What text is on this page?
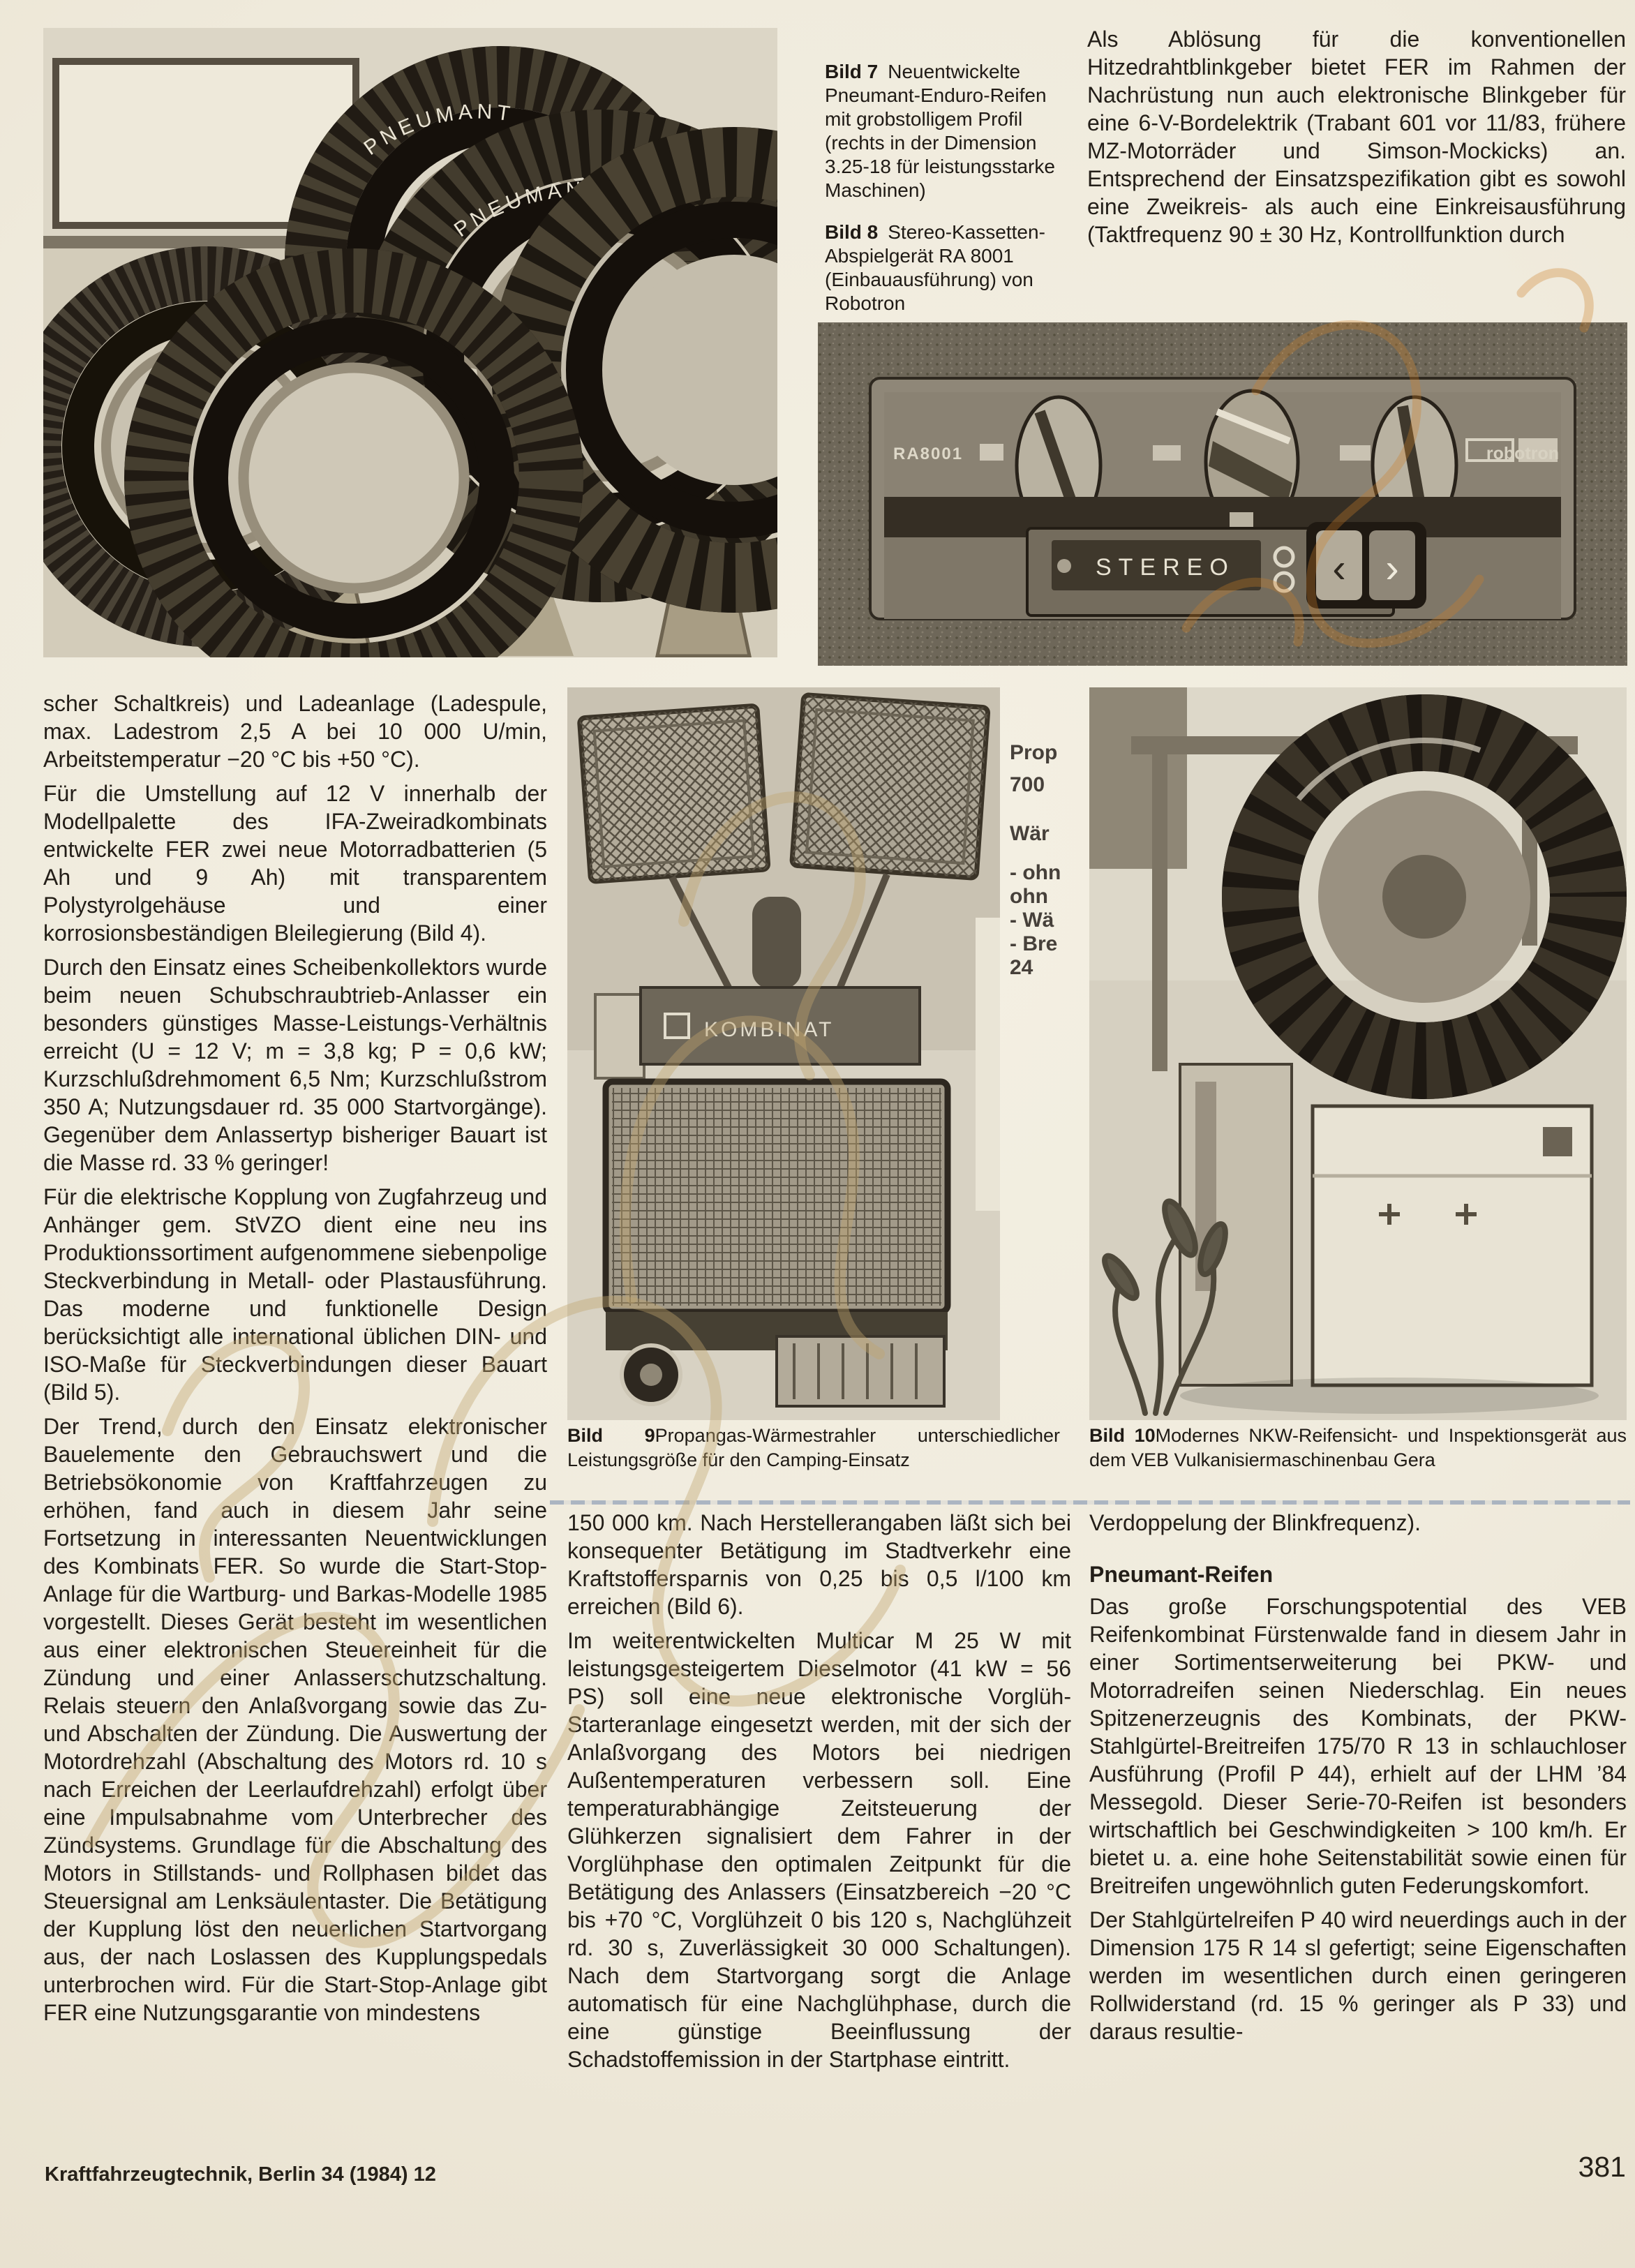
PNEUMANT
PNEUMANT
RA8001	robotron
STEREO ‹ ›
KOMBINAT
Prop
700
Wär
- ohn
ohn
- Wä
- Bre
24

Bild 7 Neuentwickelte Pneumant-Enduro-Reifen mit grobstolligem Profil (rechts in der Dimension 3.25-18 für leistungsstarke Maschinen)

Bild 8 Stereo-Kassetten-Abspielgerät RA 8001 (Einbauausführung) von Robotron

Bild 9Propangas-Wärmestrahler unterschiedlicher Leistungsgröße für den Camping-Einsatz
Bild 10Modernes NKW-Reifensicht- und Inspektionsgerät aus dem VEB Vulkanisiermaschinenbau Gera

Als Ablösung für die konventionellen Hitzedrahtblinkgeber bietet FER im Rahmen der Nachrüstung nun auch elektronische Blinkgeber für eine 6-V-Bordelektrik (Trabant 601 vor 11/83, frühere MZ-Motorräder und Simson-Mockicks) an. Entsprechend der Einsatzspezifikation gibt es sowohl eine Zweikreis- als auch eine Einkreisausführung (Taktfrequenz 90 ± 30 Hz, Kontrollfunktion durch

scher Schaltkreis) und Ladeanlage (Ladespule, max. Ladestrom 2,5 A bei 10 000 U/min, Arbeitstemperatur −20 °C bis +50 °C).

Für die Umstellung auf 12 V innerhalb der Modellpalette des IFA-Zweiradkombinats entwickelte FER zwei neue Motorradbatterien (5 Ah und 9 Ah) mit transparentem Polystyrolgehäuse und einer korrosionsbeständigen Bleilegierung (Bild 4).

Durch den Einsatz eines Scheibenkollektors wurde beim neuen Schubschraubtrieb-Anlasser ein besonders günstiges Masse-Leistungs-Verhältnis erreicht (U = 12 V; m = 3,8 kg; P = 0,6 kW; Kurzschlußdrehmoment 6,5 Nm; Kurzschlußstrom 350 A; Nutzungsdauer rd. 35 000 Startvorgänge). Gegenüber dem Anlassertyp bisheriger Bauart ist die Masse rd. 33 % geringer!

Für die elektrische Kopplung von Zugfahrzeug und Anhänger gem. StVZO dient eine neu ins Produktionssortiment aufgenommene siebenpolige Steckverbindung in Metall- oder Plastausführung. Das moderne und funktionelle Design berücksichtigt alle international üblichen DIN- und ISO-Maße für Steckverbindungen dieser Bauart (Bild 5).

Der Trend, durch den Einsatz elektronischer Bauelemente den Gebrauchswert und die Betriebsökonomie von Kraftfahrzeugen zu erhöhen, fand auch in diesem Jahr seine Fortsetzung in interessanten Neuentwicklungen des Kombinats FER. So wurde die Start-Stop-Anlage für die Wartburg- und Barkas-Modelle 1985 vorgestellt. Dieses Gerät besteht im wesentlichen aus einer elektronischen Steuereinheit für die Zündung und einer Anlasserschutzschaltung. Relais steuern den Anlaßvorgang sowie das Zu- und Abschalten der Zündung. Die Auswertung der Motordrehzahl (Abschaltung des Motors rd. 10 s nach Erreichen der Leerlaufdrehzahl) erfolgt über eine Impulsabnahme vom Unterbrecher des Zündsystems. Grundlage für die Abschaltung des Motors in Stillstands- und Rollphasen bildet das Steuersignal am Lenksäulentaster. Die Betätigung der Kupplung löst den neuerlichen Startvorgang aus, der nach Loslassen des Kupplungspedals unterbrochen wird. Für die Start-Stop-Anlage gibt FER eine Nutzungsgarantie von mindestens

150 000 km. Nach Herstellerangaben läßt sich bei konsequenter Betätigung im Stadtverkehr eine Kraftstoffersparnis von 0,25 bis 0,5 l/100 km erreichen (Bild 6).

Im weiterentwickelten Multicar M 25 W mit leistungsgesteigertem Dieselmotor (41 kW = 56 PS) soll eine neue elektronische Vorglüh-Starteranlage eingesetzt werden, mit der sich der Anlaßvorgang des Motors bei niedrigen Außentemperaturen verbessern soll. Eine temperaturabhängige Zeitsteuerung der Glühkerzen signalisiert dem Fahrer in der Vorglühphase den optimalen Zeitpunkt für die Betätigung des Anlassers (Einsatzbereich −20 °C bis +70 °C, Vorglühzeit 0 bis 120 s, Nachglühzeit rd. 30 s, Zuverlässigkeit 30 000 Schaltungen). Nach dem Startvorgang sorgt die Anlage automatisch für eine Nachglühphase, durch die eine günstige Beeinflussung der Schadstoffemission in der Startphase eintritt.

Verdoppelung der Blinkfrequenz).

Pneumant-Reifen

Das große Forschungspotential des VEB Reifenkombinat Fürstenwalde fand in diesem Jahr in einer Sortimentserweiterung bei PKW- und Motorradreifen seinen Niederschlag. Ein neues Spitzenerzeugnis des Kombinats, der PKW-Stahlgürtel-Breitreifen 175/70 R 13 in schlauchloser Ausführung (Profil P 44), erhielt auf der LHM ’84 Messegold. Dieser Serie-70-Reifen ist besonders wirtschaftlich bei Geschwindigkeiten > 100 km/h. Er bietet u. a. eine hohe Seitenstabilität sowie einen für Breitreifen ungewöhnlich guten Federungskomfort.

Der Stahlgürtelreifen P 40 wird neuerdings auch in der Dimension 175 R 14 sl gefertigt; seine Eigenschaften werden im wesentlichen durch einen geringeren Rollwiderstand (rd. 15 % geringer als P 33) und daraus resultie-

Kraftfahrzeugtechnik, Berlin 34 (1984) 12	381
